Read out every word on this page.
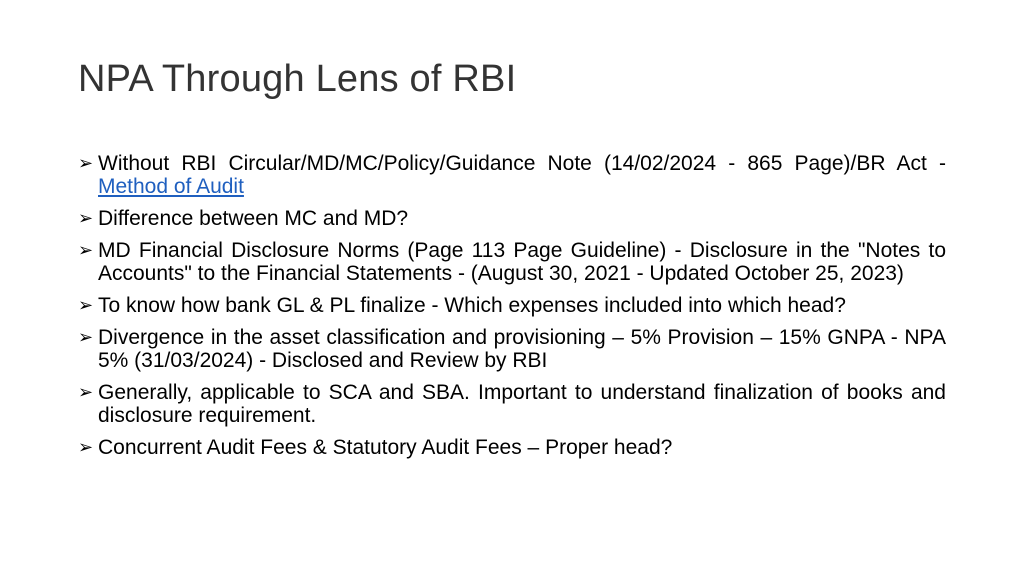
NPA Through Lens of RBI
➢ Without RBI Circular/MD/MC/Policy/Guidance Note (14/02/2024 - 865 Page)/BR Act - Method of Audit
➢ Difference between MC and MD?
➢ MD Financial Disclosure Norms (Page 113 Page Guideline) - Disclosure in the "Notes to Accounts" to the Financial Statements - (August 30, 2021 - Updated October 25, 2023)
➢ To know how bank GL & PL finalize - Which expenses included into which head?
➢ Divergence in the asset classification and provisioning – 5% Provision – 15% GNPA - NPA 5% (31/03/2024) - Disclosed and Review by RBI
➢ Generally, applicable to SCA and SBA. Important to understand finalization of books and disclosure requirement.
➢ Concurrent Audit Fees & Statutory Audit Fees – Proper head?
